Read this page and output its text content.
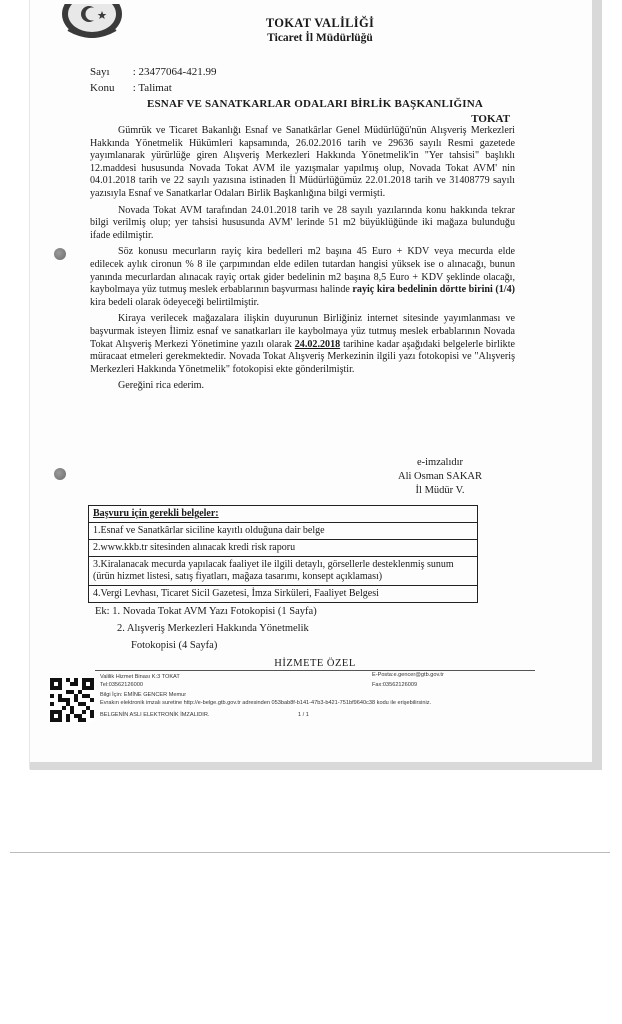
TOKAT VALİLİĞİ
Ticaret İl Müdürlüğü
Sayı : 23477064-421.99
Konu : Talimat
ESNAF VE SANATKARLAR ODALARI BİRLİK BAŞKANLIĞINA
TOKAT

Gümrük ve Ticaret Bakanlığı Esnaf ve Sanatkârlar Genel Müdürlüğü'nün Alışveriş Merkezleri Hakkında Yönetmelik Hükümleri kapsamında, 26.02.2016 tarih ve 29636 sayılı Resmi gazetede yayımlanarak yürürlüğe giren Alışveriş Merkezleri Hakkında Yönetmelik'in "Yer tahsisi" başlıklı 12.maddesi hususunda Novada Tokat AVM ile yazışmalar yapılmış olup, Novada Tokat AVM' nin 04.01.2018 tarih ve 22 sayılı yazısına istinaden İl Müdürlüğümüz 22.01.2018 tarih ve 31408779 sayılı yazısıyla Esnaf ve Sanatkarlar Odaları Birlik Başkanlığına bilgi vermişti.

Novada Tokat AVM tarafından 24.01.2018 tarih ve 28 sayılı yazılarında konu hakkında tekrar bilgi verilmiş olup; yer tahsisi hususunda AVM' lerinde 51 m2 büyüklüğünde iki mağaza bulunduğu ifade edilmiştir.

Söz konusu mecurların rayiç kira bedelleri m2 başına 45 Euro + KDV veya mecurda elde edilecek aylık cironun % 8 ile çarpımından elde edilen tutardan hangisi yüksek ise o alınacağı, bunun yanında mecurlardan alınacak rayiç ortak gider bedelinin m2 başına 8,5 Euro + KDV şeklinde olacağı, kaybolmaya yüz tutmuş meslek erbablarının başvurması halinde rayiç kira bedelinin dörtte birini (1/4) kira bedeli olarak ödeyeceği belirtilmiştir.

Kiraya verilecek mağazalara ilişkin duyurunun Birliğiniz internet sitesinde yayımlanması ve başvurmak isteyen İlimiz esnaf ve sanatkarları ile kaybolmaya yüz tutmuş meslek erbablarının Novada Tokat Alışveriş Merkezi Yönetimine yazılı olarak 24.02.2018 tarihine kadar aşağıdaki belgelerle birlikte müracaat etmeleri gerekmektedir. Novada Tokat Alışveriş Merkezinin ilgili yazı fotokopisi ve "Alışveriş Merkezleri Hakkında Yönetmelik" fotokopisi ekte gönderilmiştir.

Gereğini rica ederim.

e-imzalıdır
Ali Osman SAKAR
İl Müdür V.
Başvuru için gerekli belgeler:
1.Esnaf ve Sanatkârlar siciline kayıtlı olduğuna dair belge
2.www.kkb.tr sitesinden alınacak kredi risk raporu
3.Kiralanacak mecurda yapılacak faaliyet ile ilgili detaylı, görsellerle desteklenmiş sunum (ürün hizmet listesi, satış fiyatları, mağaza tasarımı, konsept açıklaması)
4.Vergi Levhası, Ticaret Sicil Gazetesi, İmza Sirküleri, Faaliyet Belgesi
Ek: 1. Novada Tokat AVM Yazı Fotokopisi (1 Sayfa)
2. Alışveriş Merkezleri Hakkında Yönetmelik
Fotokopisi (4 Sayfa)
HİZMETE ÖZEL
Valilik Hizmet Binası K:3 TOKAT
Tel:03562126000
E-Posta:e.gencer@gtb.gov.tr
Fax:03562126009
Bilgi İçin: EMİNE GENCER Memur
Evrakın elektronik imzalı suretine http://e-belge.gtb.gov.tr adresinden 053bab8f-b141-47b3-b421-751bf9640c38 kodu ile erişebilirsiniz.
BELGENİN ASLI ELEKTRONİK İMZALIDIR.	1 / 1
